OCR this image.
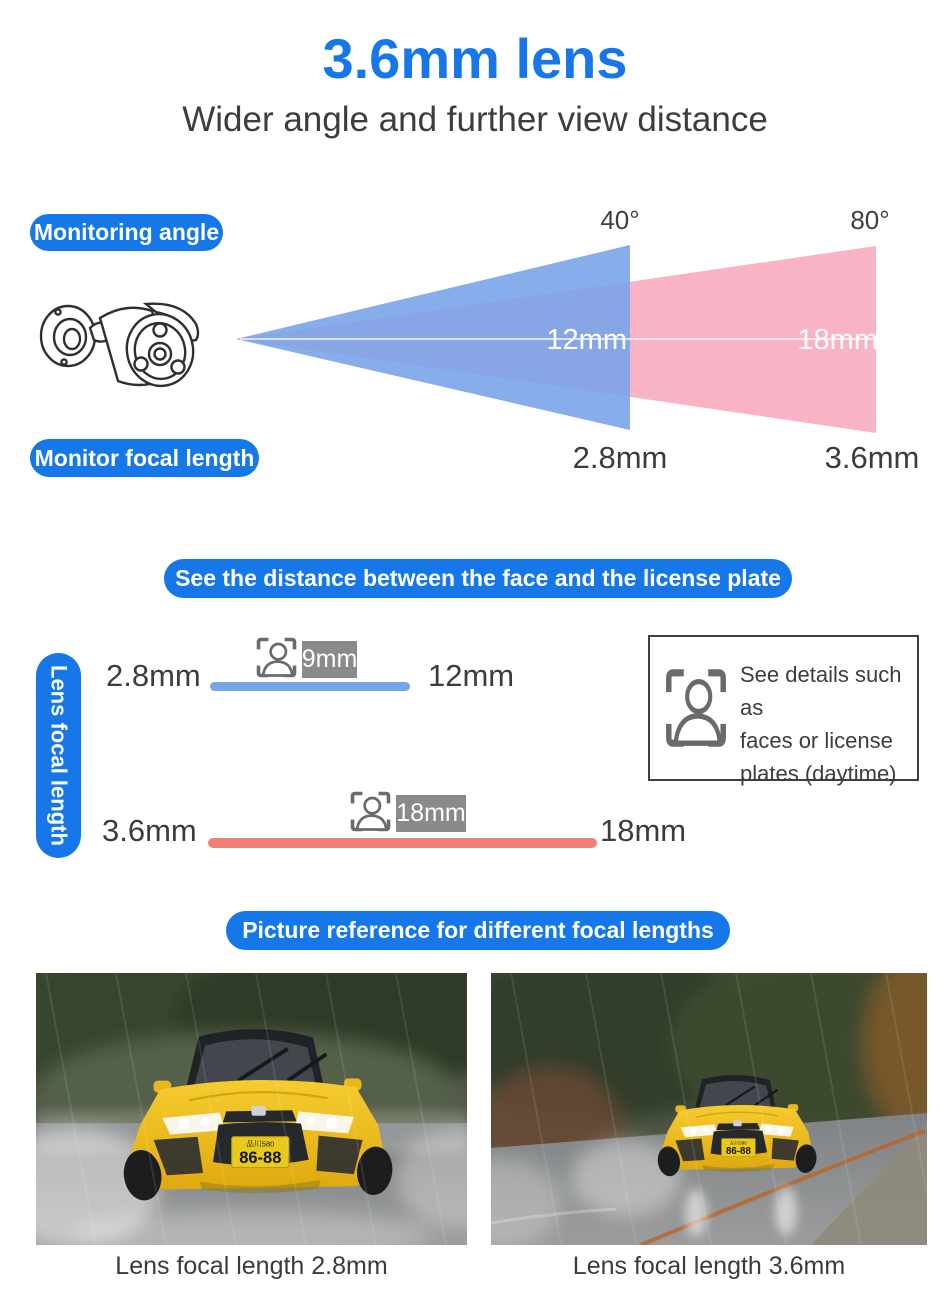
3.6mm lens
Wider angle and further view distance
Monitoring angle	40°	80°
12mm	18mm
2.8mm	3.6mm
Monitor focal length
See the distance between the face and the license plate
Lens focal length	2.8mm	9mm 12mm	See details such as
faces or license
plates (daytime)
3.6mm	18mm	18mm
Picture reference for different focal lengths
Lens focal length 2.8mm	Lens focal length 3.6mm
